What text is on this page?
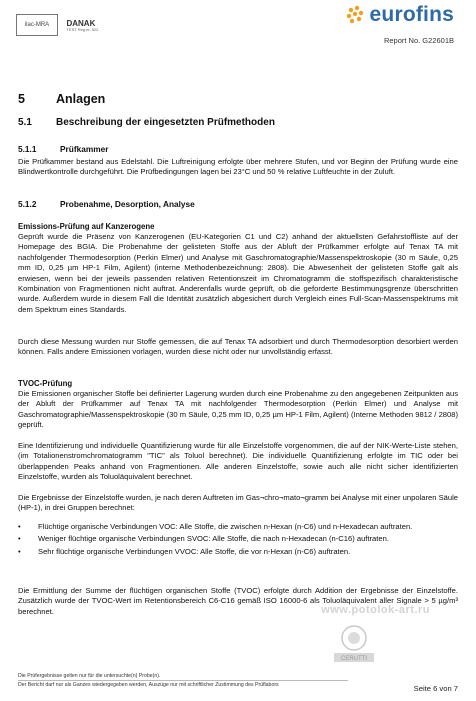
ilac-MRA DANAK
TEST Reg.nr. 522
eurofins
Report No. G22601B
5 Anlagen
5.1 Beschreibung der eingesetzten Prüfmethoden
5.1.1	Prüfkammer
Die Prüfkammer bestand aus Edelstahl. Die Luftreinigung erfolgte über mehrere Stufen, und vor Beginn der Prüfung wurde eine Blindwertkontrolle durchgeführt. Die Prüfbedingungen lagen bei 23°C und 50 % relative Luftfeuchte in der Zuluft.
5.1.2	Probenahme, Desorption, Analyse
Emissions-Prüfung auf Kanzerogene
Geprüft wurde die Präsenz von Kanzerogenen (EU-Kategorien C1 und C2) anhand der aktuellsten Gefahrstoffliste auf der Homepage des BGIA. Die Probenahme der gelisteten Stoffe aus der Abluft der Prüfkammer erfolgte auf Tenax TA mit nachfolgender Thermodesorption (Perkin Elmer) und Analyse mit Gaschromatographie/Massenspektroskopie (30 m Säule, 0,25 mm ID, 0,25 µm HP-1 Film, Agilent) (interne Methodenbezeichnung: 2808). Die Abwesenheit der gelisteten Stoffe galt als erwiesen, wenn bei der jeweils passenden relativen Retentionszeit im Chromatogramm die stoffspezifisch charakteristische Kombination von Fragmentionen nicht auftrat. Anderenfalls wurde geprüft, ob die geforderte Bestimmungsgrenze überschritten wurde. Außerdem wurde in diesem Fall die Identität zusätzlich abgesichert durch Vergleich eines Full-Scan-Massenspektrums mit dem Spektrum eines Standards.
Durch diese Messung wurden nur Stoffe gemessen, die auf Tenax TA adsorbiert und durch Thermodesorption desorbiert werden können. Falls andere Emissionen vorlagen, wurden diese nicht oder nur unvollständig erfasst.
TVOC-Prüfung
Die Emissionen organischer Stoffe bei definierter Lagerung wurden durch eine Probenahme zu den angegebenen Zeitpunkten aus der Abluft der Prüfkammer auf Tenax TA mit nachfolgender Thermodesorption (Perkin Elmer) und Analyse mit Gaschromatographie/Massenspektroskopie (30 m Säule, 0,25 mm ID, 0,25 µm HP-1 Film, Agilent) (Interne Methoden 9812 / 2808) geprüft.
Eine Identifizierung und individuelle Quantifizierung wurde für alle Einzelstoffe vorgenommen, die auf der NIK-Werte-Liste stehen, (im Totalionenstromchromatogramm "TIC" als Toluol berechnet). Die individuelle Quantifizierung erfolgte im TIC oder bei überlappenden Peaks anhand von Fragmentionen. Alle anderen Einzelstoffe, sowie auch alle nicht sicher identifizierten Einzelstoffe, wurden als Toluoläquivalent berechnet.
Die Ergebnisse der Einzelstoffe wurden, je nach deren Auftreten im Gas¬chro¬mato¬gramm bei Analyse mit einer unpolaren Säule (HP-1), in drei Gruppen berechnet:
• Flüchtige organische Verbindungen VOC: Alle Stoffe, die zwischen n-Hexan (n-C6) und n-Hexadecan auftraten.
• Weniger flüchtige organische Verbindungen SVOC: Alle Stoffe, die nach n-Hexadecan (n-C16) auftraten.
• Sehr flüchtige organische Verbindungen VVOC: Alle Stoffe, die vor n-Hexan (n-C6) auftraten.
Die Ermittlung der Summe der flüchtigen organischen Stoffe (TVOC) erfolgte durch Addition der Ergebnisse der Einzelstoffe. Zusätzlich wurde der TVOC-Wert im Retentionsbereich C6-C16 gemäß ISO 16000-6 als Toluoläquivalent aller Signale > 5 µg/m³ berechnet.	www.potolok-art.ru
CERUTTI
Die Prüfergebnisse gelten nur für die untersuchte(n) Probe(n).
Der Bericht darf nur als Ganzes wiedergegeben werden, Auszüge nur mit schriftlicher Zustimmung des Prüflabors	Seite 6 von 7
